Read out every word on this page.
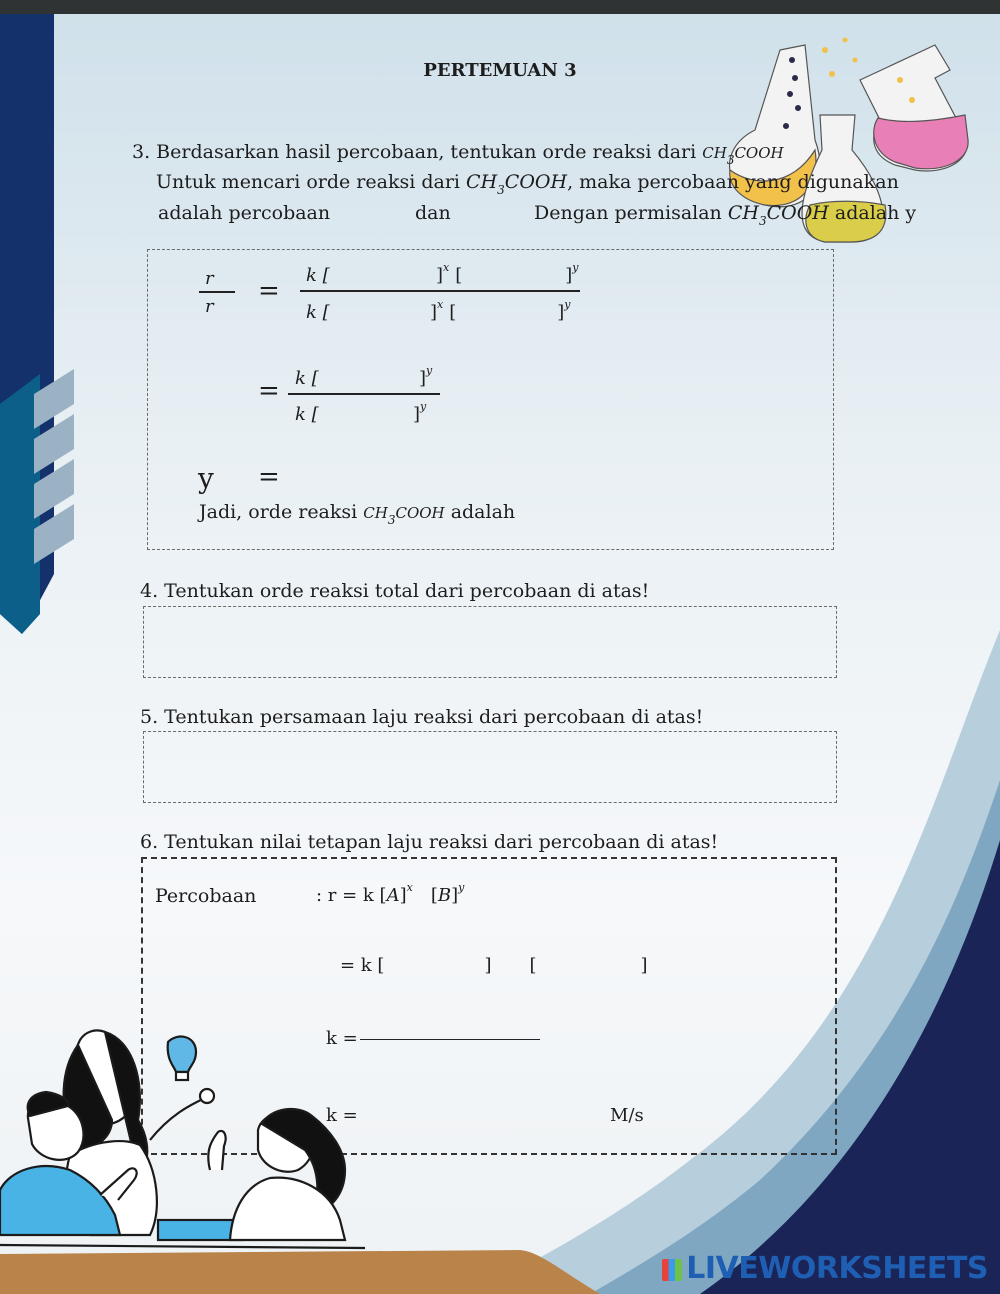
PERTEMUAN 3
3. Berdasarkan hasil percobaan, tentukan orde reaksi dari $CH_3COOH$
Untuk mencari orde reaksi dari $CH_3COOH$, maka percobaan yang digunakan
adalah percobaan	dan	Dengan permisalan $CH_3COOH$ adalah y
r
r
=
k [	]$^x$ [	]$^y$
k [	]$^x$ [	]$^y$
= k [	]$^y$
k [	]$^y$
y =
Jadi, orde reaksi $CH_3COOH$ adalah
4. Tentukan orde reaksi total dari percobaan di atas!
5. Tentukan persamaan laju reaksi dari percobaan di atas!
6. Tentukan nilai tetapan laju reaksi dari percobaan di atas!
Percobaan	: r = k $[A]^x$ $[B]^y$
= k [	] [	]
k =
k =	M/s
LIVEWORKSHEETS
